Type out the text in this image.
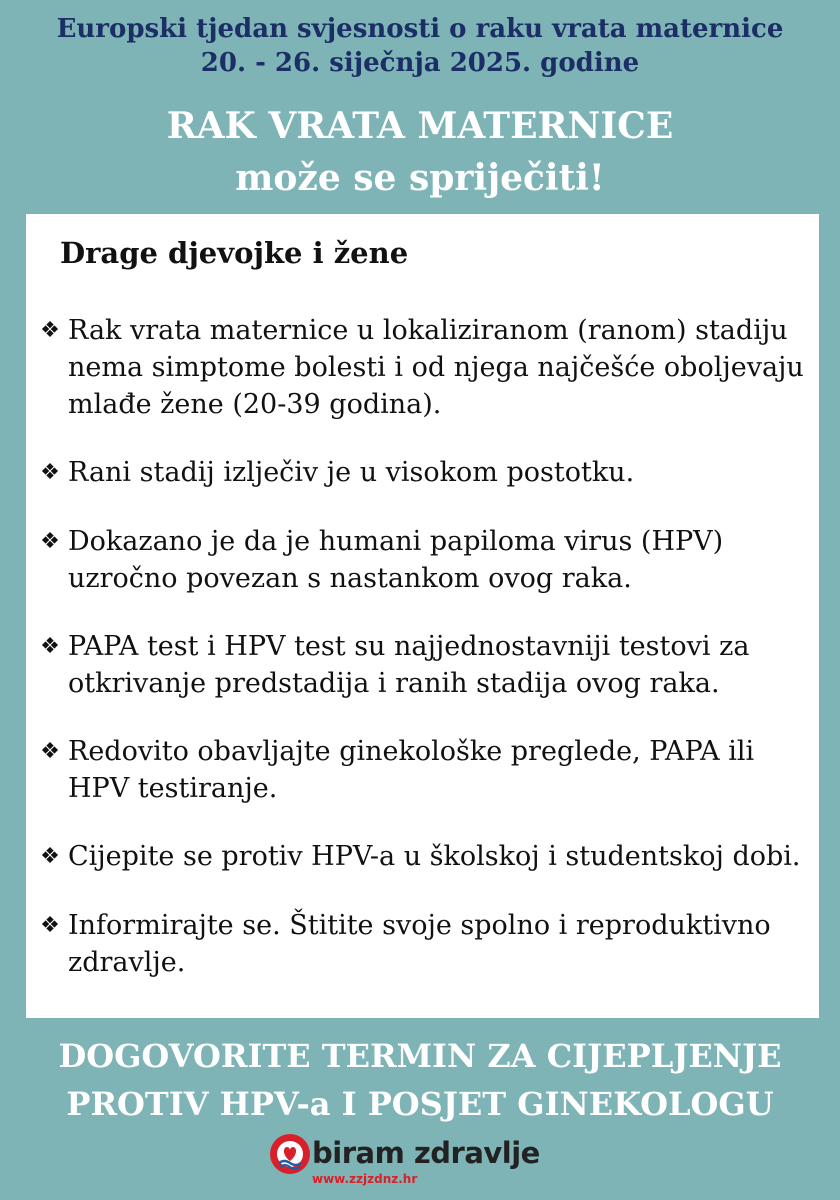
Europski tjedan svjesnosti o raku vrata maternice
20. - 26. siječnja 2025. godine
RAK VRATA MATERNICE
može se spriječiti!
Drage djevojke i žene
❖ Rak vrata maternice u lokaliziranom (ranom) stadiju nema simptome bolesti i od njega najčešće oboljevaju mlađe žene (20-39 godina).
❖ Rani stadij izlječiv je u visokom postotku.
❖ Dokazano je da je humani papiloma virus (HPV) uzročno povezan s nastankom ovog raka.
❖ PAPA test i HPV test su najjednostavniji testovi za otkrivanje predstadija i ranih stadija ovog raka.
❖ Redovito obavljajte ginekološke preglede, PAPA ili HPV testiranje.
❖ Cijepite se protiv HPV-a u školskoj i studentskoj dobi.
❖ Informirajte se. Štitite svoje spolno i reproduktivno zdravlje.
DOGOVORITE TERMIN ZA CIJEPLJENJE
PROTIV HPV-a I POSJET GINEKOLOGU
biram zdravlje
www.zzjzdnz.hr
